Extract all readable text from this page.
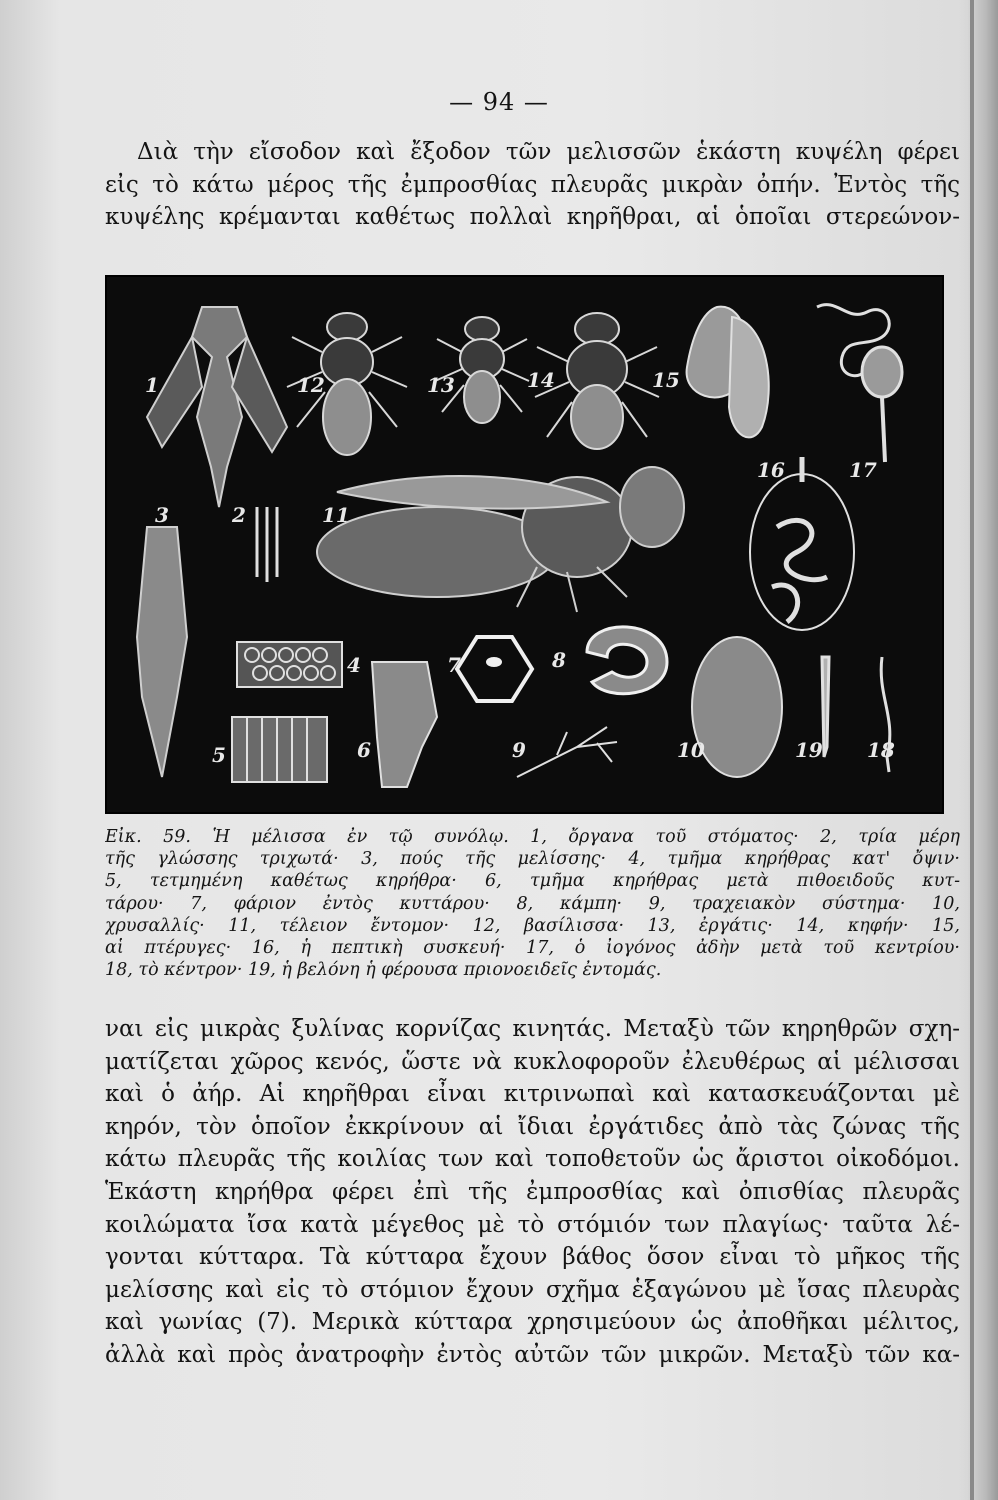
— 94 —
Διὰ τὴν εἴσοδον καὶ ἔξοδον τῶν μελισσῶν ἑκάστη κυψέλη φέρει
εἰς τὸ κάτω μέρος τῆς ἐμπροσθίας πλευρᾶς μικρὰν ὀπήν. Ἐντὸς τῆς
κυψέλης κρέμανται καθέτως πολλαὶ κηρῆθραι, αἱ ὁποῖαι στερεώνον-
1
2
3
4
5	6
7	8
9	10
11
12	13	14	15
16	17
18
19
Εἰκ. 59. Ἡ μέλισσα ἐν τῷ συνόλῳ. 1, ὄργανα τοῦ στόματος· 2, τρία μέρη
τῆς γλώσσης τριχωτά· 3, πούς τῆς μελίσσης· 4, τμῆμα κηρήθρας κατ' ὄψιν·
5, τετμημένη καθέτως κηρήθρα· 6, τμῆμα κηρήθρας μετὰ πιθοειδοῦς κυτ-
τάρου· 7, φάριον ἐντὸς κυττάρου· 8, κάμπη· 9, τραχειακὸν σύστημα· 10,
χρυσαλλίς· 11, τέλειον ἔντομον· 12, βασίλισσα· 13, ἐργάτις· 14, κηφήν· 15,
αἱ πτέρυγες· 16, ἡ πεπτικὴ συσκευή· 17, ὁ ἰογόνος ἀδὴν μετὰ τοῦ κεντρίου·
18, τὸ κέντρον· 19, ἡ βελόνη ἡ φέρουσα πριονοειδεῖς ἐντομάς.
ναι εἰς μικρὰς ξυλίνας κορνίζας κινητάς. Μεταξὺ τῶν κηρηθρῶν σχη-
ματίζεται χῶρος κενός, ὥστε νὰ κυκλοφοροῦν ἐλευθέρως αἱ μέλισσαι
καὶ ὁ ἀήρ. Αἱ κηρῆθραι εἶναι κιτρινωπαὶ καὶ κατασκευάζονται μὲ
κηρόν, τὸν ὁποῖον ἐκκρίνουν αἱ ἴδιαι ἐργάτιδες ἀπὸ τὰς ζώνας τῆς
κάτω πλευρᾶς τῆς κοιλίας των καὶ τοποθετοῦν ὡς ἄριστοι οἰκοδόμοι.
Ἑκάστη κηρήθρα φέρει ἐπὶ τῆς ἐμπροσθίας καὶ ὀπισθίας πλευρᾶς
κοιλώματα ἴσα κατὰ μέγεθος μὲ τὸ στόμιόν των πλαγίως· ταῦτα λέ-
γονται κύτταρα. Τὰ κύτταρα ἔχουν βάθος ὅσον εἶναι τὸ μῆκος τῆς
μελίσσης καὶ εἰς τὸ στόμιον ἔχουν σχῆμα ἑξαγώνου μὲ ἴσας πλευρὰς
καὶ γωνίας (7). Μερικὰ κύτταρα χρησιμεύουν ὡς ἀποθῆκαι μέλιτος,
ἀλλὰ καὶ πρὸς ἀνατροφὴν ἐντὸς αὐτῶν τῶν μικρῶν. Μεταξὺ τῶν κα-
